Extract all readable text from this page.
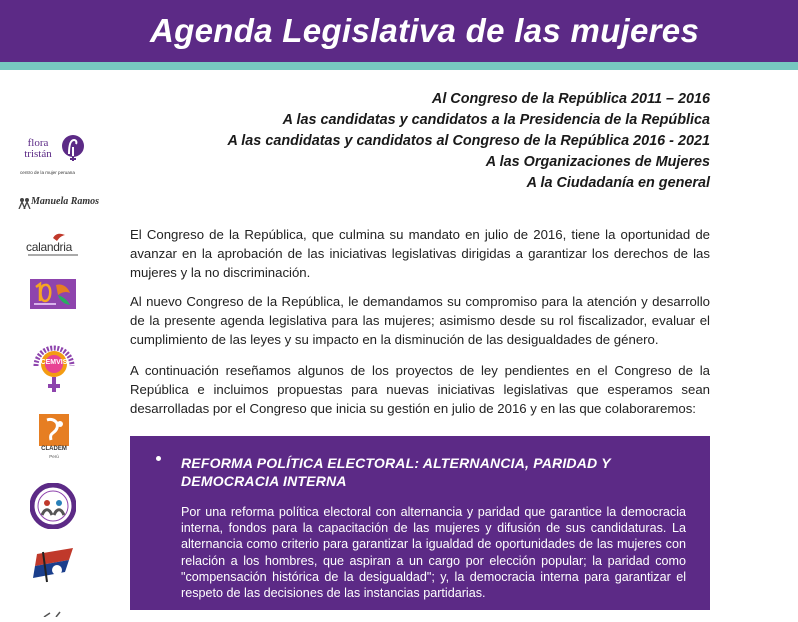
Agenda Legislativa de las mujeres
Al Congreso de la República 2011 – 2016
A las candidatas y candidatos a la Presidencia de la República
A las candidatas y candidatos al Congreso de la República 2016 - 2021
A las Organizaciones de Mujeres
A la Ciudadanía en general
flora tristán
centro de la mujer peruana
Manuela Ramos
calandria
CEMVIS
CLADEM
Perú
El Congreso de la República, que culmina su mandato en julio de 2016, tiene la oportunidad de avanzar en la aprobación de las iniciativas legislativas dirigidas a garantizar los derechos de las mujeres y la no discriminación.
Al nuevo Congreso de la República, le demandamos su compromiso para la atención y desarrollo de la presente agenda legislativa para las mujeres; asimismo desde su rol fiscalizador, evaluar el cumplimiento de las leyes y su impacto en la disminución de las desigualdades de género.
A continuación reseñamos algunos de los proyectos de ley pendientes en el Congreso de la República e incluimos propuestas para nuevas iniciativas legislativas que esperamos sean desarrolladas por el Congreso que inicia su gestión en julio de 2016 y en las que colaboraremos:
REFORMA POLÍTICA ELECTORAL: ALTERNANCIA, PARIDAD Y DEMOCRACIA INTERNA
Por una reforma política electoral con alternancia y paridad que garantice la democracia interna, fondos para la capacitación de las mujeres y difusión de sus candidaturas. La alternancia como criterio para garantizar la igualdad de oportunidades de las mujeres con relación a los hombres, que aspiran a un cargo por elección popular; la paridad como "compensación histórica de la desigualdad"; y, la democracia interna para garantizar el respeto de las decisiones de las instancias partidarias.
